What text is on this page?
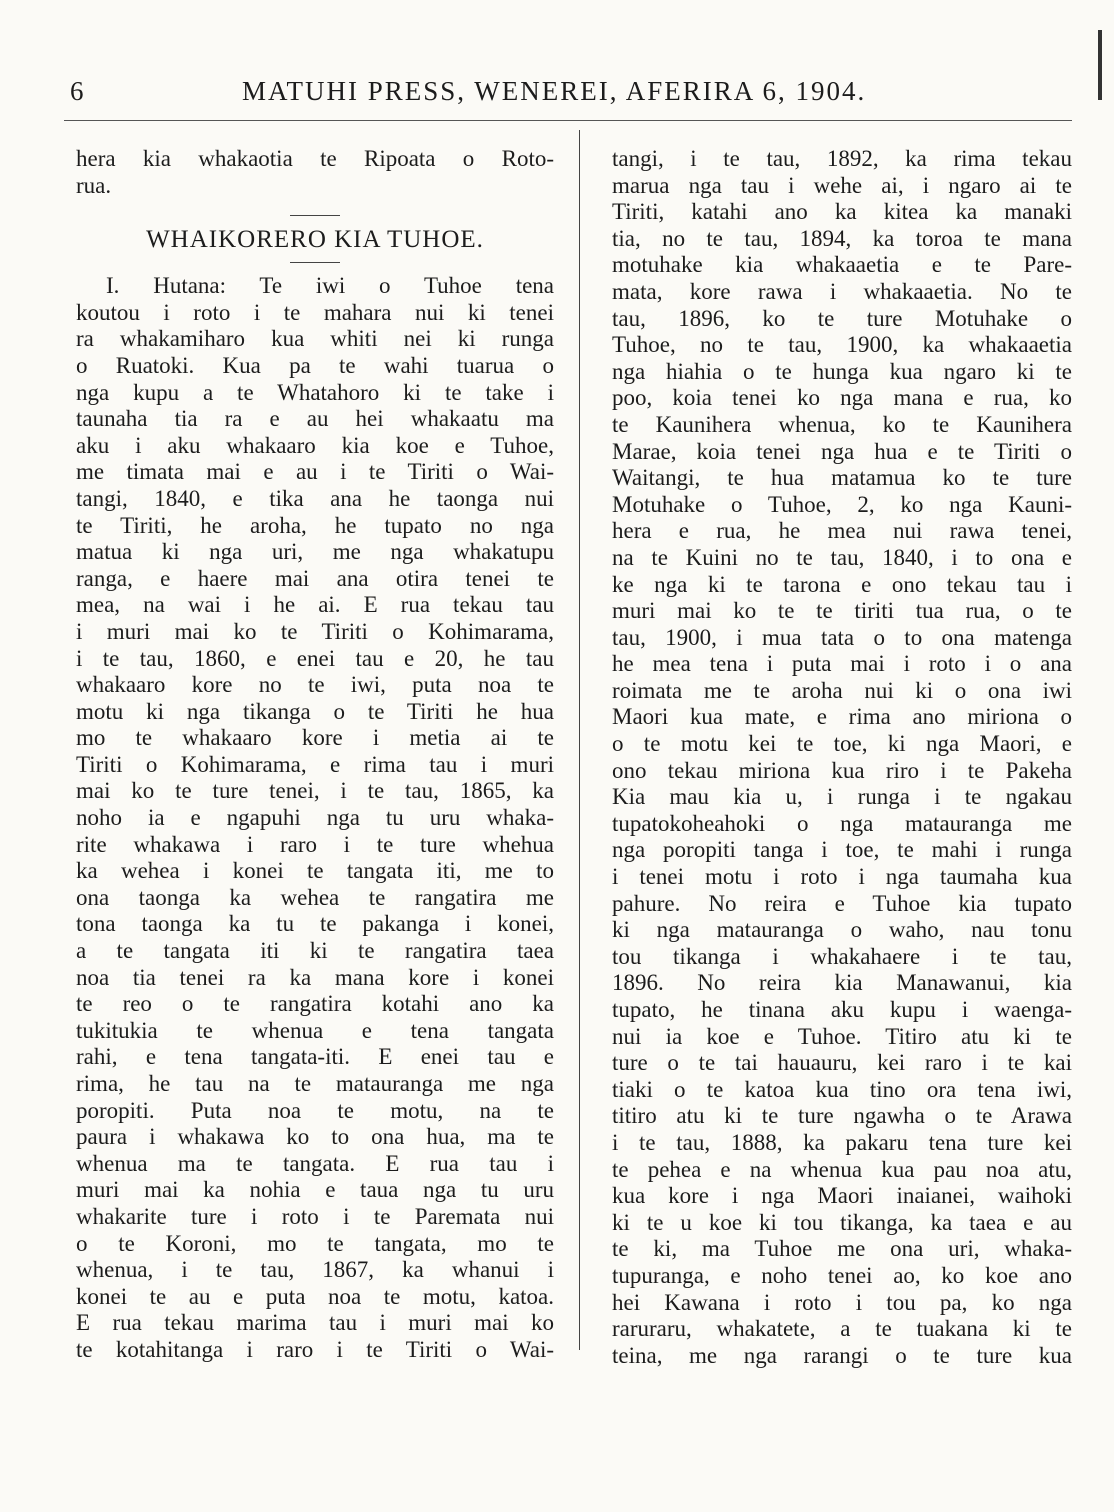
6	MATUHI PRESS, WENEREI, AFERIRA 6, 1904.
hera kia whakaotia te Ripoata o Roto-
rua.
WHAIKORERO KIA TUHOE.
I. Hutana: Te iwi o Tuhoe tena
koutou i roto i te mahara nui ki tenei
ra whakamiharo kua whiti nei ki runga
o Ruatoki. Kua pa te wahi tuarua o
nga kupu a te Whatahoro ki te take i
taunaha tia ra e au hei whakaatu ma
aku i aku whakaaro kia koe e Tuhoe,
me timata mai e au i te Tiriti o Wai-
tangi, 1840, e tika ana he taonga nui
te Tiriti, he aroha, he tupato no nga
matua ki nga uri, me nga whakatupu
ranga, e haere mai ana otira tenei te
mea, na wai i he ai. E rua tekau tau
i muri mai ko te Tiriti o Kohimarama,
i te tau, 1860, e enei tau e 20, he tau
whakaaro kore no te iwi, puta noa te
motu ki nga tikanga o te Tiriti he hua
mo te whakaaro kore i metia ai te
Tiriti o Kohimarama, e rima tau i muri
mai ko te ture tenei, i te tau, 1865, ka
noho ia e ngapuhi nga tu uru whaka-
rite whakawa i raro i te ture whehua
ka wehea i konei te tangata iti, me to
ona taonga ka wehea te rangatira me
tona taonga ka tu te pakanga i konei,
a te tangata iti ki te rangatira taea
noa tia tenei ra ka mana kore i konei
te reo o te rangatira kotahi ano ka
tukitukia te whenua e tena tangata
rahi, e tena tangata-iti. E enei tau e
rima, he tau na te matauranga me nga
poropiti. Puta noa te motu, na te
paura i whakawa ko to ona hua, ma te
whenua ma te tangata. E rua tau i
muri mai ka nohia e taua nga tu uru
whakarite ture i roto i te Paremata nui
o te Koroni, mo te tangata, mo te
whenua, i te tau, 1867, ka whanui i
konei te au e puta noa te motu, katoa.
E rua tekau marima tau i muri mai ko
te kotahitanga i raro i te Tiriti o Wai-
tangi, i te tau, 1892, ka rima tekau
marua nga tau i wehe ai, i ngaro ai te
Tiriti, katahi ano ka kitea ka manaki
tia, no te tau, 1894, ka toroa te mana
motuhake kia whakaaetia e te Pare-
mata, kore rawa i whakaaetia. No te
tau, 1896, ko te ture Motuhake o
Tuhoe, no te tau, 1900, ka whakaaetia
nga hiahia o te hunga kua ngaro ki te
poo, koia tenei ko nga mana e rua, ko
te Kaunihera whenua, ko te Kaunihera
Marae, koia tenei nga hua e te Tiriti o
Waitangi, te hua matamua ko te ture
Motuhake o Tuhoe, 2, ko nga Kauni-
hera e rua, he mea nui rawa tenei,
na te Kuini no te tau, 1840, i to ona e
ke nga ki te tarona e ono tekau tau i
muri mai ko te te tiriti tua rua, o te
tau, 1900, i mua tata o to ona matenga
he mea tena i puta mai i roto i o ana
roimata me te aroha nui ki o ona iwi
Maori kua mate, e rima ano miriona o
o te motu kei te toe, ki nga Maori, e
ono tekau miriona kua riro i te Pakeha
Kia mau kia u, i runga i te ngakau
tupatokoheahoki o nga matauranga me
nga poropiti tanga i toe, te mahi i runga
i tenei motu i roto i nga taumaha kua
pahure. No reira e Tuhoe kia tupato
ki nga matauranga o waho, nau tonu
tou tikanga i whakahaere i te tau,
1896. No reira kia Manawanui, kia
tupato, he tinana aku kupu i waenga-
nui ia koe e Tuhoe. Titiro atu ki te
ture o te tai hauauru, kei raro i te kai
tiaki o te katoa kua tino ora tena iwi,
titiro atu ki te ture ngawha o te Arawa
i te tau, 1888, ka pakaru tena ture kei
te pehea e na whenua kua pau noa atu,
kua kore i nga Maori inaianei, waihoki
ki te u koe ki tou tikanga, ka taea e au
te ki, ma Tuhoe me ona uri, whaka-
tupuranga, e noho tenei ao, ko koe ano
hei Kawana i roto i tou pa, ko nga
raruraru, whakatete, a te tuakana ki te
teina, me nga rarangi o te ture kua
